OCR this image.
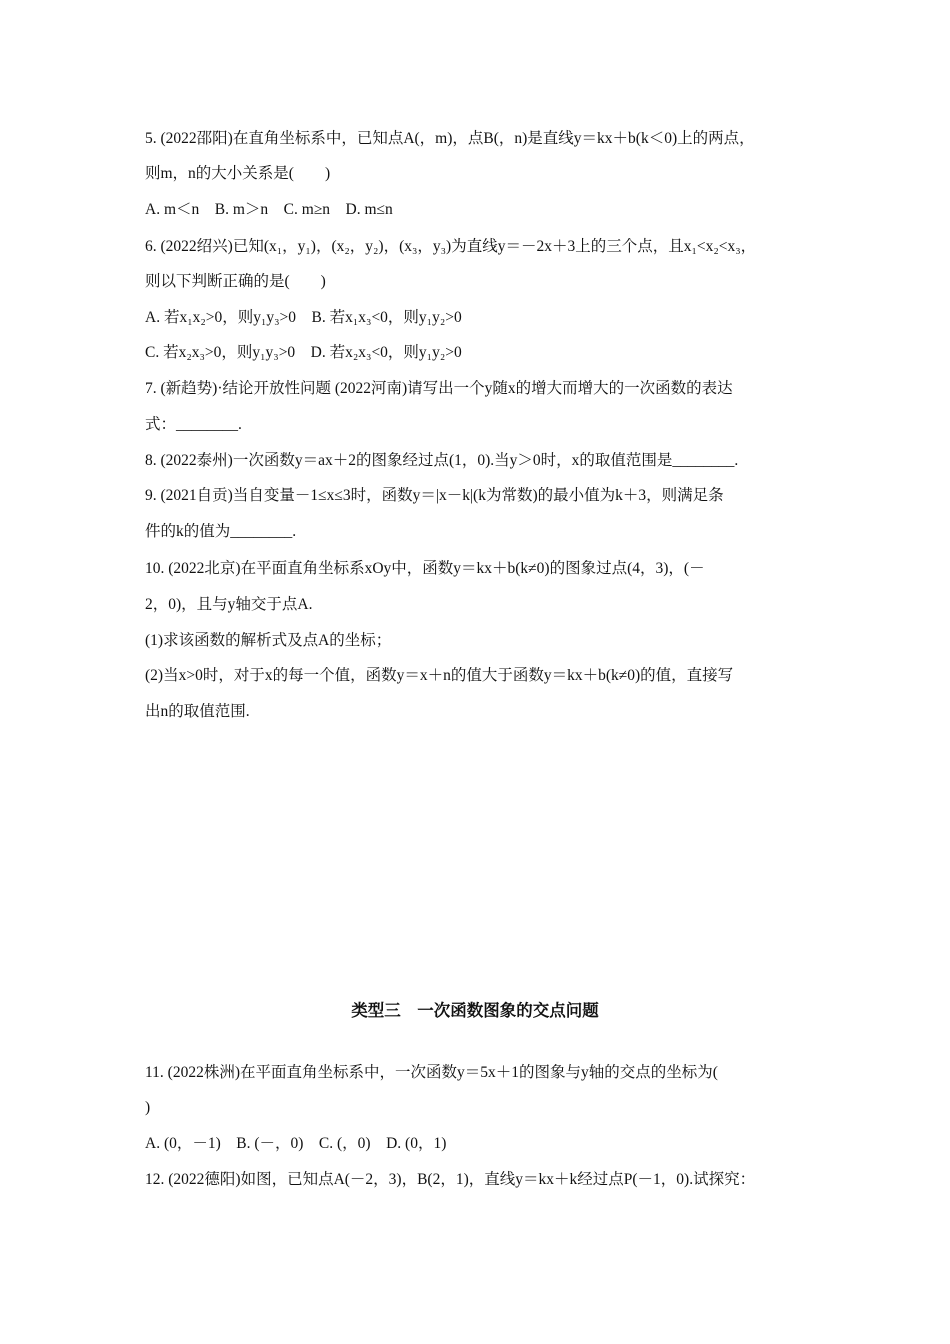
5. (2022邵阳)在直角坐标系中，已知点A(，m)，点B(，n)是直线y＝kx＋b(k＜0)上的两点，
则m，n的大小关系是(　　)
A. m＜n　B. m＞n　C. m≥n　D. m≤n
6. (2022绍兴)已知(x₁，y₁)，(x₂，y₂)，(x₃，y₃)为直线y＝－2x＋3上的三个点，且x₁<x₂<x₃，
则以下判断正确的是(　　)
A. 若x₁x₂>0，则y₁y₃>0　B. 若x₁x₃<0，则y₁y₂>0
C. 若x₂x₃>0，则y₁y₃>0　D. 若x₂x₃<0，则y₁y₂>0
7. (新趋势)·结论开放性问题 (2022河南)请写出一个y随x的增大而增大的一次函数的表达
式：________.
8. (2022泰州)一次函数y＝ax＋2的图象经过点(1，0).当y＞0时，x的取值范围是________.
9. (2021自贡)当自变量－1≤x≤3时，函数y＝|x－k|(k为常数)的最小值为k＋3，则满足条
件的k的值为________.
10. (2022北京)在平面直角坐标系xOy中，函数y＝kx＋b(k≠0)的图象过点(4，3)，(－
2，0)，且与y轴交于点A.
(1)求该函数的解析式及点A的坐标；
(2)当x>0时，对于x的每一个值，函数y＝x＋n的值大于函数y＝kx＋b(k≠0)的值，直接写
出n的取值范围.
类型三　一次函数图象的交点问题
11. (2022株洲)在平面直角坐标系中，一次函数y＝5x＋1的图象与y轴的交点的坐标为(
)
A. (0，－1)　B. (－，0)　C. (，0)　D. (0，1)
12. (2022德阳)如图，已知点A(－2，3)，B(2，1)，直线y＝kx＋k经过点P(－1，0).试探究：
